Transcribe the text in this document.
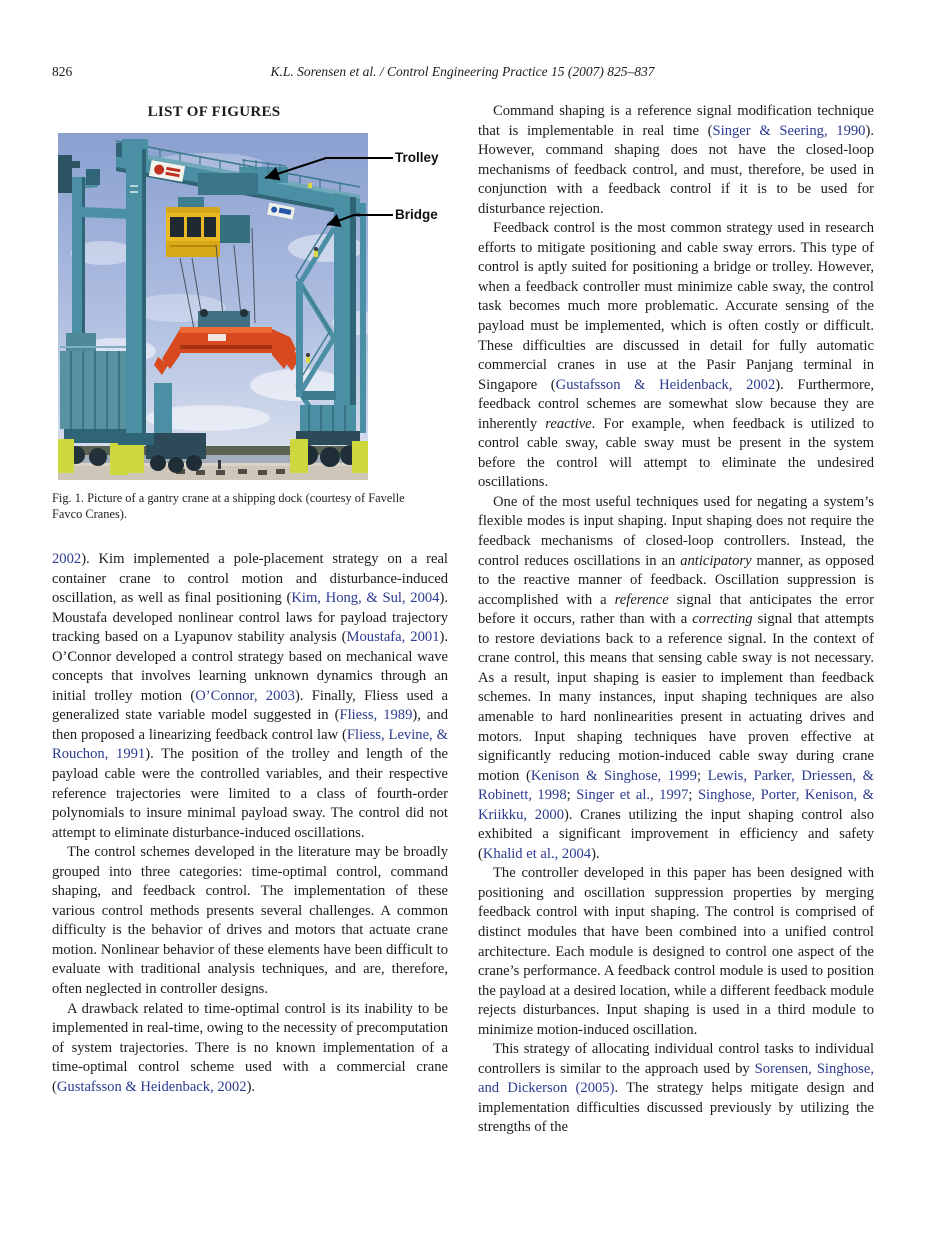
826	K.L. Sorensen et al. / Control Engineering Practice 15 (2007) 825–837
LIST OF FIGURES
Trolley
Bridge
Fig. 1. Picture of a gantry crane at a shipping dock (courtesy of Favelle
Favco Cranes).

2002). Kim implemented a pole-placement strategy on a real container crane to control motion and disturbance-induced oscillation, as well as final positioning (Kim, Hong, & Sul, 2004). Moustafa developed nonlinear control laws for payload trajectory tracking based on a Lyapunov stability analysis (Moustafa, 2001). O’Connor developed a control strategy based on mechanical wave concepts that involves learning unknown dynamics through an initial trolley motion (O’Connor, 2003). Finally, Fliess used a generalized state variable model suggested in (Fliess, 1989), and then proposed a linearizing feedback control law (Fliess, Levine, & Rouchon, 1991). The position of the trolley and length of the payload cable were the controlled variables, and their respective reference trajectories were limited to a class of fourth-order polynomials to insure minimal payload sway. The control did not attempt to eliminate disturbance-induced oscillations.

The control schemes developed in the literature may be broadly grouped into three categories: time-optimal control, command shaping, and feedback control. The implementation of these various control methods presents several challenges. A common difficulty is the behavior of drives and motors that actuate crane motion. Nonlinear behavior of these elements have been difficult to evaluate with traditional analysis techniques, and are, therefore, often neglected in controller designs.

A drawback related to time-optimal control is its inability to be implemented in real-time, owing to the necessity of precomputation of system trajectories. There is no known implementation of a time-optimal control scheme used with a commercial crane (Gustafsson & Heidenback, 2002).

Command shaping is a reference signal modification technique that is implementable in real time (Singer & Seering, 1990). However, command shaping does not have the closed-loop mechanisms of feedback control, and must, therefore, be used in conjunction with a feedback control if it is to be used for disturbance rejection.

Feedback control is the most common strategy used in research efforts to mitigate positioning and cable sway errors. This type of control is aptly suited for positioning a bridge or trolley. However, when a feedback controller must minimize cable sway, the control task becomes much more problematic. Accurate sensing of the payload must be implemented, which is often costly or difficult. These difficulties are discussed in detail for fully automatic commercial cranes in use at the Pasir Panjang terminal in Singapore (Gustafsson & Heidenback, 2002). Furthermore, feedback control schemes are somewhat slow because they are inherently reactive. For example, when feedback is utilized to control cable sway, cable sway must be present in the system before the control will attempt to eliminate the undesired oscillations.

One of the most useful techniques used for negating a system’s flexible modes is input shaping. Input shaping does not require the feedback mechanisms of closed-loop controllers. Instead, the control reduces oscillations in an anticipatory manner, as opposed to the reactive manner of feedback. Oscillation suppression is accomplished with a reference signal that anticipates the error before it occurs, rather than with a correcting signal that attempts to restore deviations back to a reference signal. In the context of crane control, this means that sensing cable sway is not necessary. As a result, input shaping is easier to implement than feedback schemes. In many instances, input shaping techniques are also amenable to hard nonlinearities present in actuating drives and motors. Input shaping techniques have proven effective at significantly reducing motion-induced cable sway during crane motion (Kenison & Singhose, 1999; Lewis, Parker, Driessen, & Robinett, 1998; Singer et al., 1997; Singhose, Porter, Kenison, & Kriikku, 2000). Cranes utilizing the input shaping control also exhibited a significant improvement in efficiency and safety (Khalid et al., 2004).

The controller developed in this paper has been designed with positioning and oscillation suppression properties by merging feedback control with input shaping. The control is comprised of distinct modules that have been combined into a unified control architecture. Each module is designed to control one aspect of the crane’s performance. A feedback control module is used to position the payload at a desired location, while a different feedback module rejects disturbances. Input shaping is used in a third module to minimize motion-induced oscillation.

This strategy of allocating individual control tasks to individual controllers is similar to the approach used by Sorensen, Singhose, and Dickerson (2005). The strategy helps mitigate design and implementation difficulties discussed previously by utilizing the strengths of the
